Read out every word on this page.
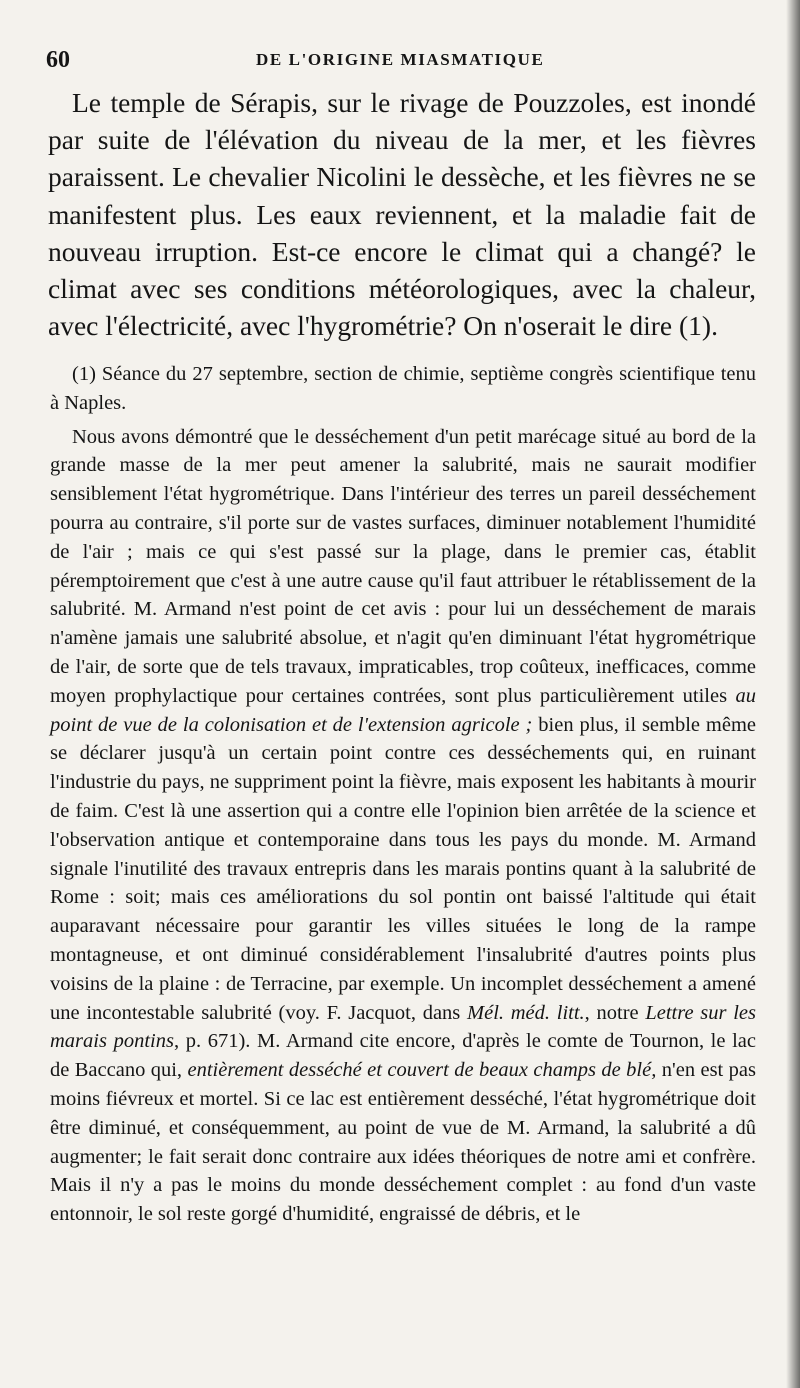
60	DE L'ORIGINE MIASMATIQUE

Le temple de Sérapis, sur le rivage de Pouzzoles, est inondé par suite de l'élévation du niveau de la mer, et les fièvres paraissent. Le chevalier Nicolini le dessèche, et les fièvres ne se manifestent plus. Les eaux reviennent, et la maladie fait de nouveau irruption. Est-ce encore le climat qui a changé? le climat avec ses conditions météorologiques, avec la chaleur, avec l'électricité, avec l'hygrométrie? On n'oserait le dire (1).

(1) Séance du 27 septembre, section de chimie, septième congrès scientifique tenu à Naples.

Nous avons démontré que le desséchement d'un petit marécage situé au bord de la grande masse de la mer peut amener la salubrité, mais ne saurait modifier sensiblement l'état hygrométrique. Dans l'intérieur des terres un pareil desséchement pourra au contraire, s'il porte sur de vastes surfaces, diminuer notablement l'humidité de l'air ; mais ce qui s'est passé sur la plage, dans le premier cas, établit péremptoirement que c'est à une autre cause qu'il faut attribuer le rétablissement de la salubrité. M. Armand n'est point de cet avis : pour lui un desséchement de marais n'amène jamais une salubrité absolue, et n'agit qu'en diminuant l'état hygrométrique de l'air, de sorte que de tels travaux, impraticables, trop coûteux, inefficaces, comme moyen prophylactique pour certaines contrées, sont plus particulièrement utiles au point de vue de la colonisation et de l'extension agricole ; bien plus, il semble même se déclarer jusqu'à un certain point contre ces desséchements qui, en ruinant l'industrie du pays, ne suppriment point la fièvre, mais exposent les habitants à mourir de faim. C'est là une assertion qui a contre elle l'opinion bien arrêtée de la science et l'observation antique et contemporaine dans tous les pays du monde. M. Armand signale l'inutilité des travaux entrepris dans les marais pontins quant à la salubrité de Rome : soit; mais ces améliorations du sol pontin ont baissé l'altitude qui était auparavant nécessaire pour garantir les villes situées le long de la rampe montagneuse, et ont diminué considérablement l'insalubrité d'autres points plus voisins de la plaine : de Terracine, par exemple. Un incomplet desséchement a amené une incontestable salubrité (voy. F. Jacquot, dans Mél. méd. litt., notre Lettre sur les marais pontins, p. 671). M. Armand cite encore, d'après le comte de Tournon, le lac de Baccano qui, entièrement desséché et couvert de beaux champs de blé, n'en est pas moins fiévreux et mortel. Si ce lac est entièrement desséché, l'état hygrométrique doit être diminué, et conséquemment, au point de vue de M. Armand, la salubrité a dû augmenter; le fait serait donc contraire aux idées théoriques de notre ami et confrère. Mais il n'y a pas le moins du monde desséchement complet : au fond d'un vaste entonnoir, le sol reste gorgé d'humidité, engraissé de débris, et le
